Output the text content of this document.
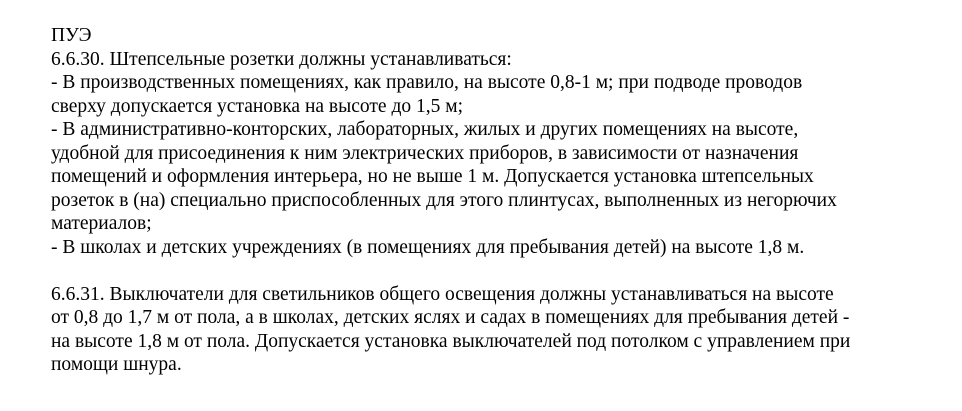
ПУЭ
6.6.30. Штепсельные розетки должны устанавливаться:
- В производственных помещениях, как правило, на высоте 0,8-1 м; при подводе проводов
сверху допускается установка на высоте до 1,5 м;
- В административно-конторских, лабораторных, жилых и других помещениях на высоте,
удобной для присоединения к ним электрических приборов, в зависимости от назначения
помещений и оформления интерьера, но не выше 1 м. Допускается установка штепсельных
розеток в (на) специально приспособленных для этого плинтусах, выполненных из негорючих
материалов;
- В школах и детских учреждениях (в помещениях для пребывания детей) на высоте 1,8 м.
6.6.31. Выключатели для светильников общего освещения должны устанавливаться на высоте
от 0,8 до 1,7 м от пола, а в школах, детских яслях и садах в помещениях для пребывания детей -
на высоте 1,8 м от пола. Допускается установка выключателей под потолком с управлением при
помощи шнура.
